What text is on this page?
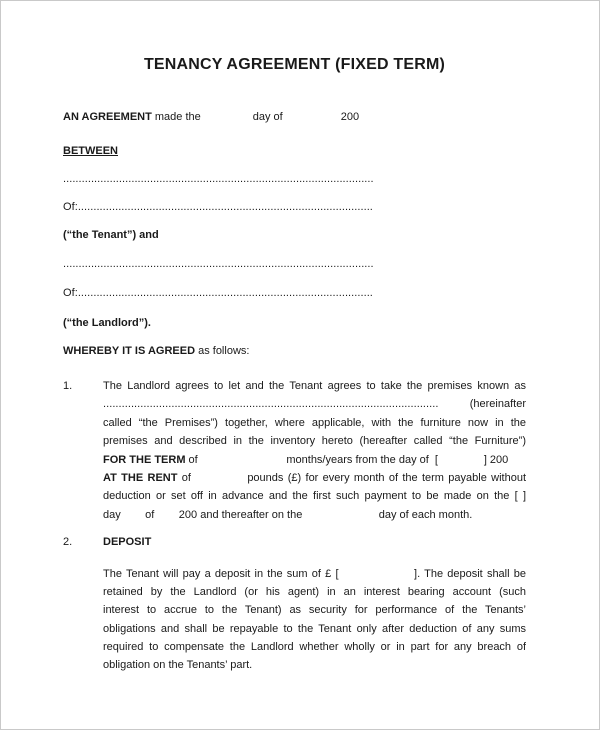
TENANCY AGREEMENT (FIXED TERM)
AN AGREEMENT made the                 day of                   200
BETWEEN
....................................................................................................
Of:...............................................................................................
(“the Tenant”) and
....................................................................................................
Of:...............................................................................................
(“the Landlord”).
WHEREBY IT IS AGREED as follows:
1.	The Landlord agrees to let and the Tenant agrees to take the premises known as
............................................................................................................	(hereinafter
called “the Premises”) together, where applicable, with the furniture now in the
premises and described in the inventory hereto (hereafter called “the Furniture”)
FOR THE TERM of                             months/years from the day of  [               ] 200
AT THE RENT of             pounds (£) for every month of the term payable without
deduction or set off in advance and the first such payment to be made on the [ ]
day        of        200 and thereafter on the                         day of each month.
2.	DEPOSIT
The Tenant will pay a deposit in the sum of £ [                  ]. The deposit shall be
retained by the Landlord (or his agent) in an interest bearing account (such
interest to accrue to the Tenant) as security for performance of the Tenants’
obligations and shall be repayable to the Tenant only after deduction of any sums
required to compensate the Landlord whether wholly or in part for any breach of
obligation on the Tenants’ part.
